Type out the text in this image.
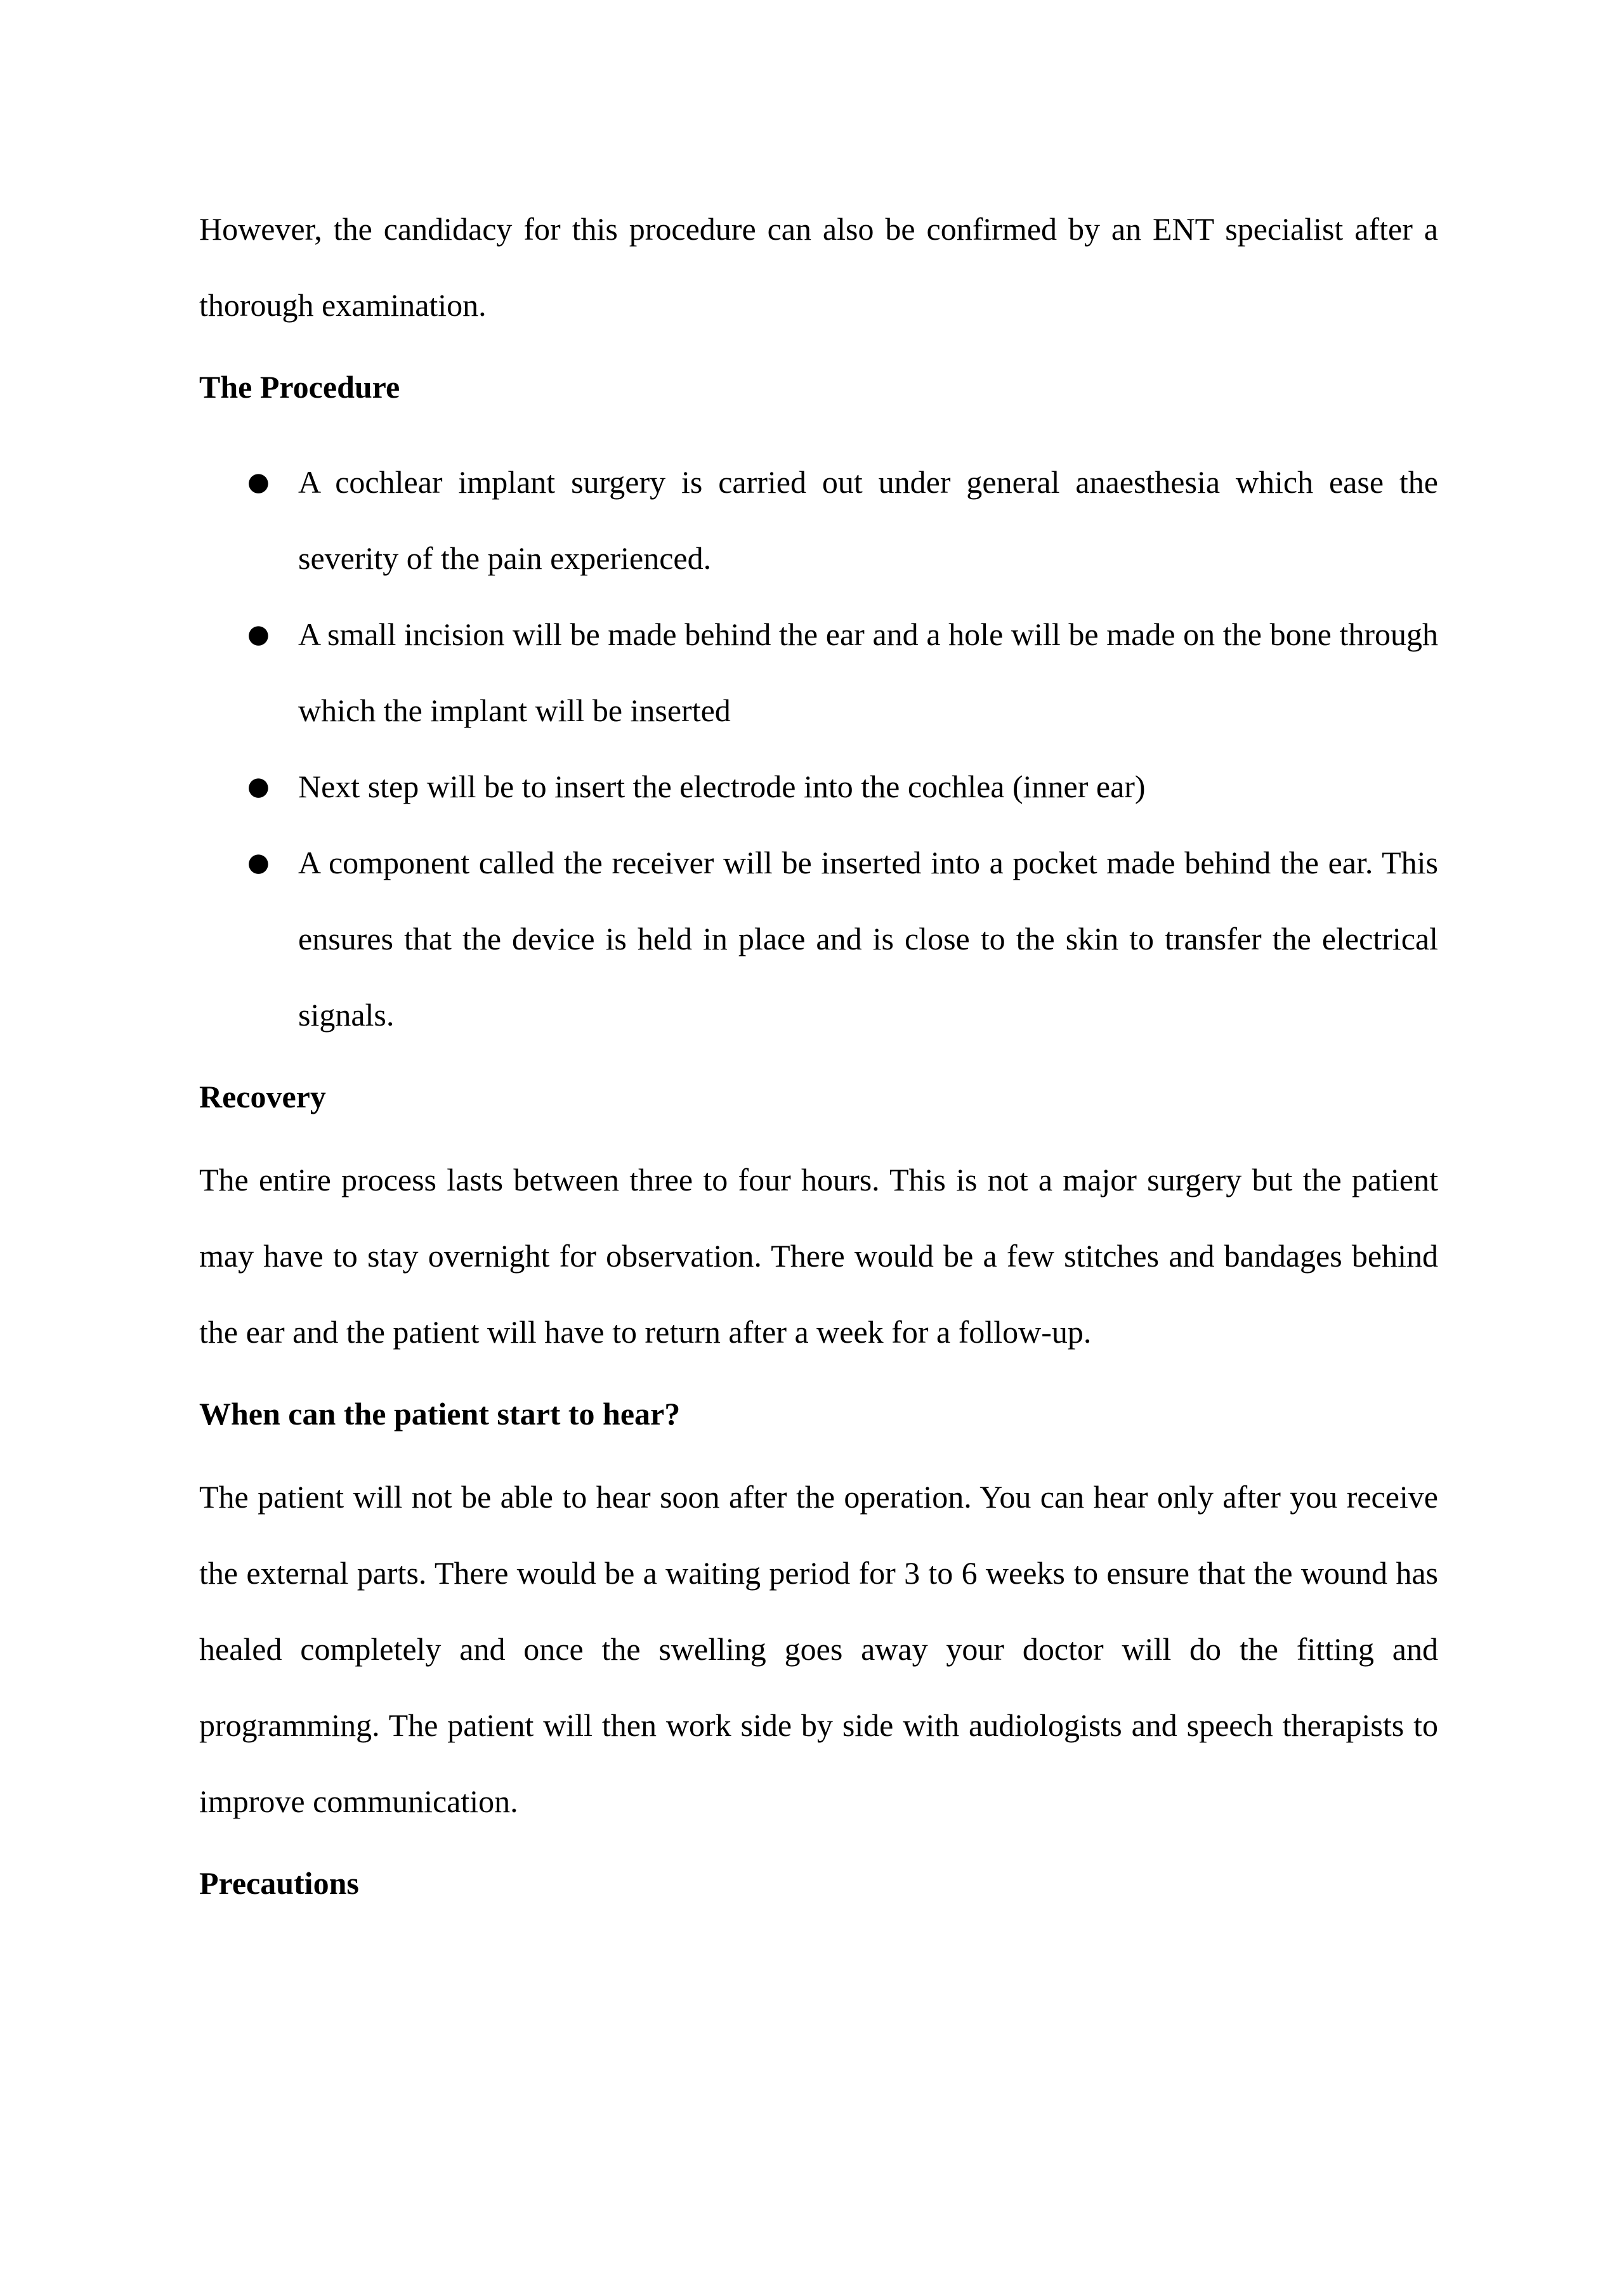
However, the candidacy for this procedure can also be confirmed by an ENT specialist after a thorough examination.

The Procedure

● A cochlear implant surgery is carried out under general anaesthesia which ease the severity of the pain experienced.
● A small incision will be made behind the ear and a hole will be made on the bone through which the implant will be inserted
● Next step will be to insert the electrode into the cochlea (inner ear)
● A component called the receiver will be inserted into a pocket made behind the ear. This ensures that the device is held in place and is close to the skin to transfer the electrical signals.

Recovery

The entire process lasts between three to four hours. This is not a major surgery but the patient may have to stay overnight for observation. There would be a few stitches and bandages behind the ear and the patient will have to return after a week for a follow-up.

When can the patient start to hear?

The patient will not be able to hear soon after the operation. You can hear only after you receive the external parts. There would be a waiting period for 3 to 6 weeks to ensure that the wound has healed completely and once the swelling goes away your doctor will do the fitting and programming. The patient will then work side by side with audiologists and speech therapists to improve communication.

Precautions
